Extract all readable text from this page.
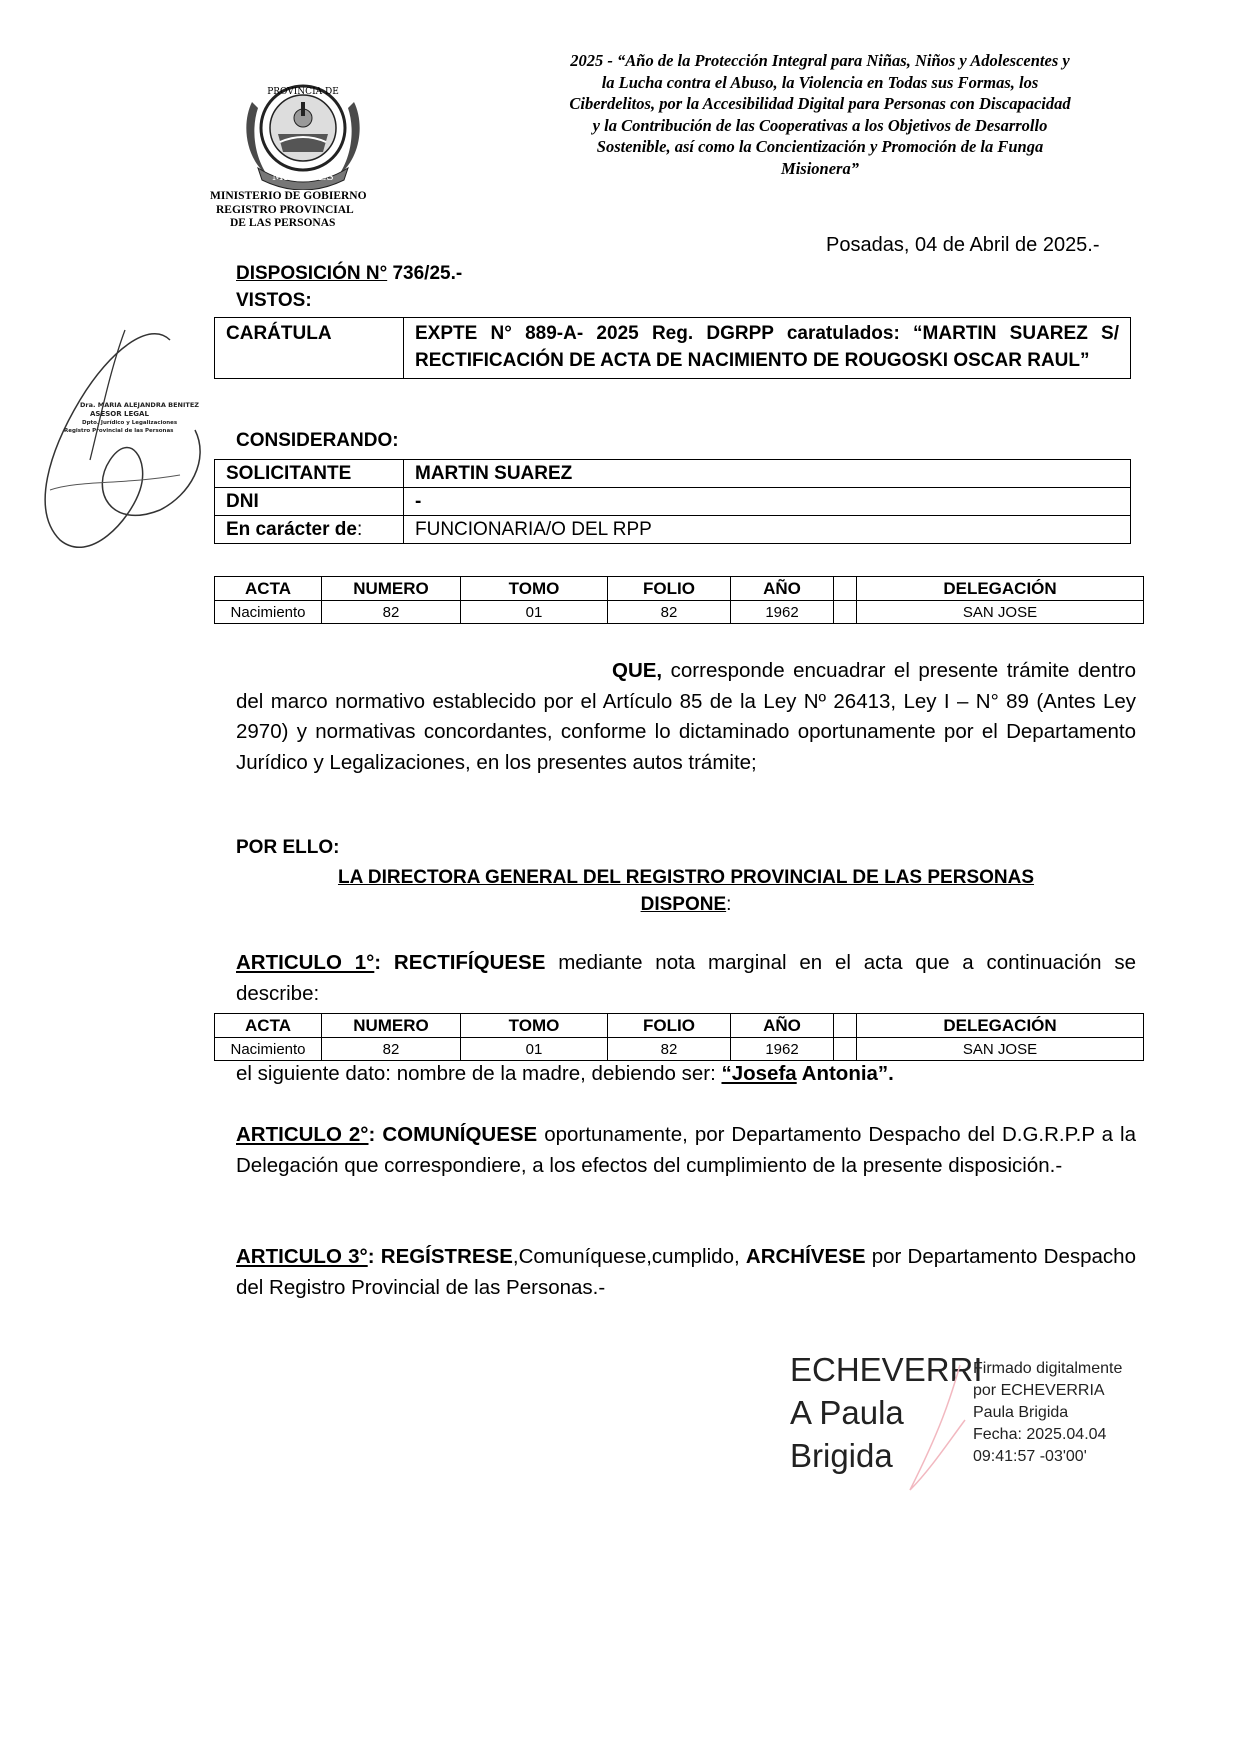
2025 - “Año de la Protección Integral para Niñas, Niños y Adolescentes y
la Lucha contra el Abuso, la Violencia en Todas sus Formas, los
Ciberdelitos, por la Accesibilidad Digital para Personas con Discapacidad
y la Contribución de las Cooperativas a los Objetivos de Desarrollo
Sostenible, así como la Concientización y Promoción de la Funga
Misionera”
PROVINCIA DE
MISIONES
MINISTERIO DE GOBIERNO
REGISTRO PROVINCIAL
DE LAS PERSONAS
Dra. MARIA ALEJANDRA BENITEZ
ASESOR LEGAL
Dpto. Jurídico y Legalizaciones
Registro Provincial de las Personas
Posadas, 04 de Abril de 2025.-
DISPOSICIÓN N° 736/25.-
VISTOS:
CARÁTULA	EXPTE N° 889-A- 2025 Reg. DGRPP caratulados: “MARTIN SUAREZ S/ RECTIFICACIÓN DE ACTA DE NACIMIENTO DE ROUGOSKI OSCAR RAUL”
CONSIDERANDO:
SOLICITANTE	MARTIN SUAREZ
DNI	-
En carácter de:	FUNCIONARIA/O DEL RPP
ACTA	NUMERO	TOMO	FOLIO	AÑO		DELEGACIÓN
Nacimiento	82	01	82	1962		SAN JOSE
QUE, corresponde encuadrar el presente trámite dentro del marco normativo establecido por el Artículo 85 de la Ley Nº 26413, Ley I – N° 89 (Antes Ley 2970) y normativas concordantes, conforme lo dictaminado oportunamente por el Departamento Jurídico y Legalizaciones, en los presentes autos trámite;
POR ELLO:
LA DIRECTORA GENERAL DEL REGISTRO PROVINCIAL DE LAS PERSONAS
DISPONE:
ARTICULO 1°: RECTIFÍQUESE mediante nota marginal en el acta que a continuación se describe:
ACTA	NUMERO	TOMO	FOLIO	AÑO		DELEGACIÓN
Nacimiento	82	01	82	1962		SAN JOSE
el siguiente dato: nombre de la madre, debiendo ser: “Josefa Antonia”.
ARTICULO 2°: COMUNÍQUESE oportunamente, por Departamento Despacho del D.G.R.P.P a la Delegación que correspondiere, a los efectos del cumplimiento de la presente disposición.-
ARTICULO 3°: REGÍSTRESE,Comuníquese,cumplido, ARCHÍVESE por Departamento Despacho del Registro Provincial de las Personas.-
ECHEVERRI
A Paula
Brigida
Firmado digitalmente
por ECHEVERRIA
Paula Brigida
Fecha: 2025.04.04
09:41:57 -03'00'
